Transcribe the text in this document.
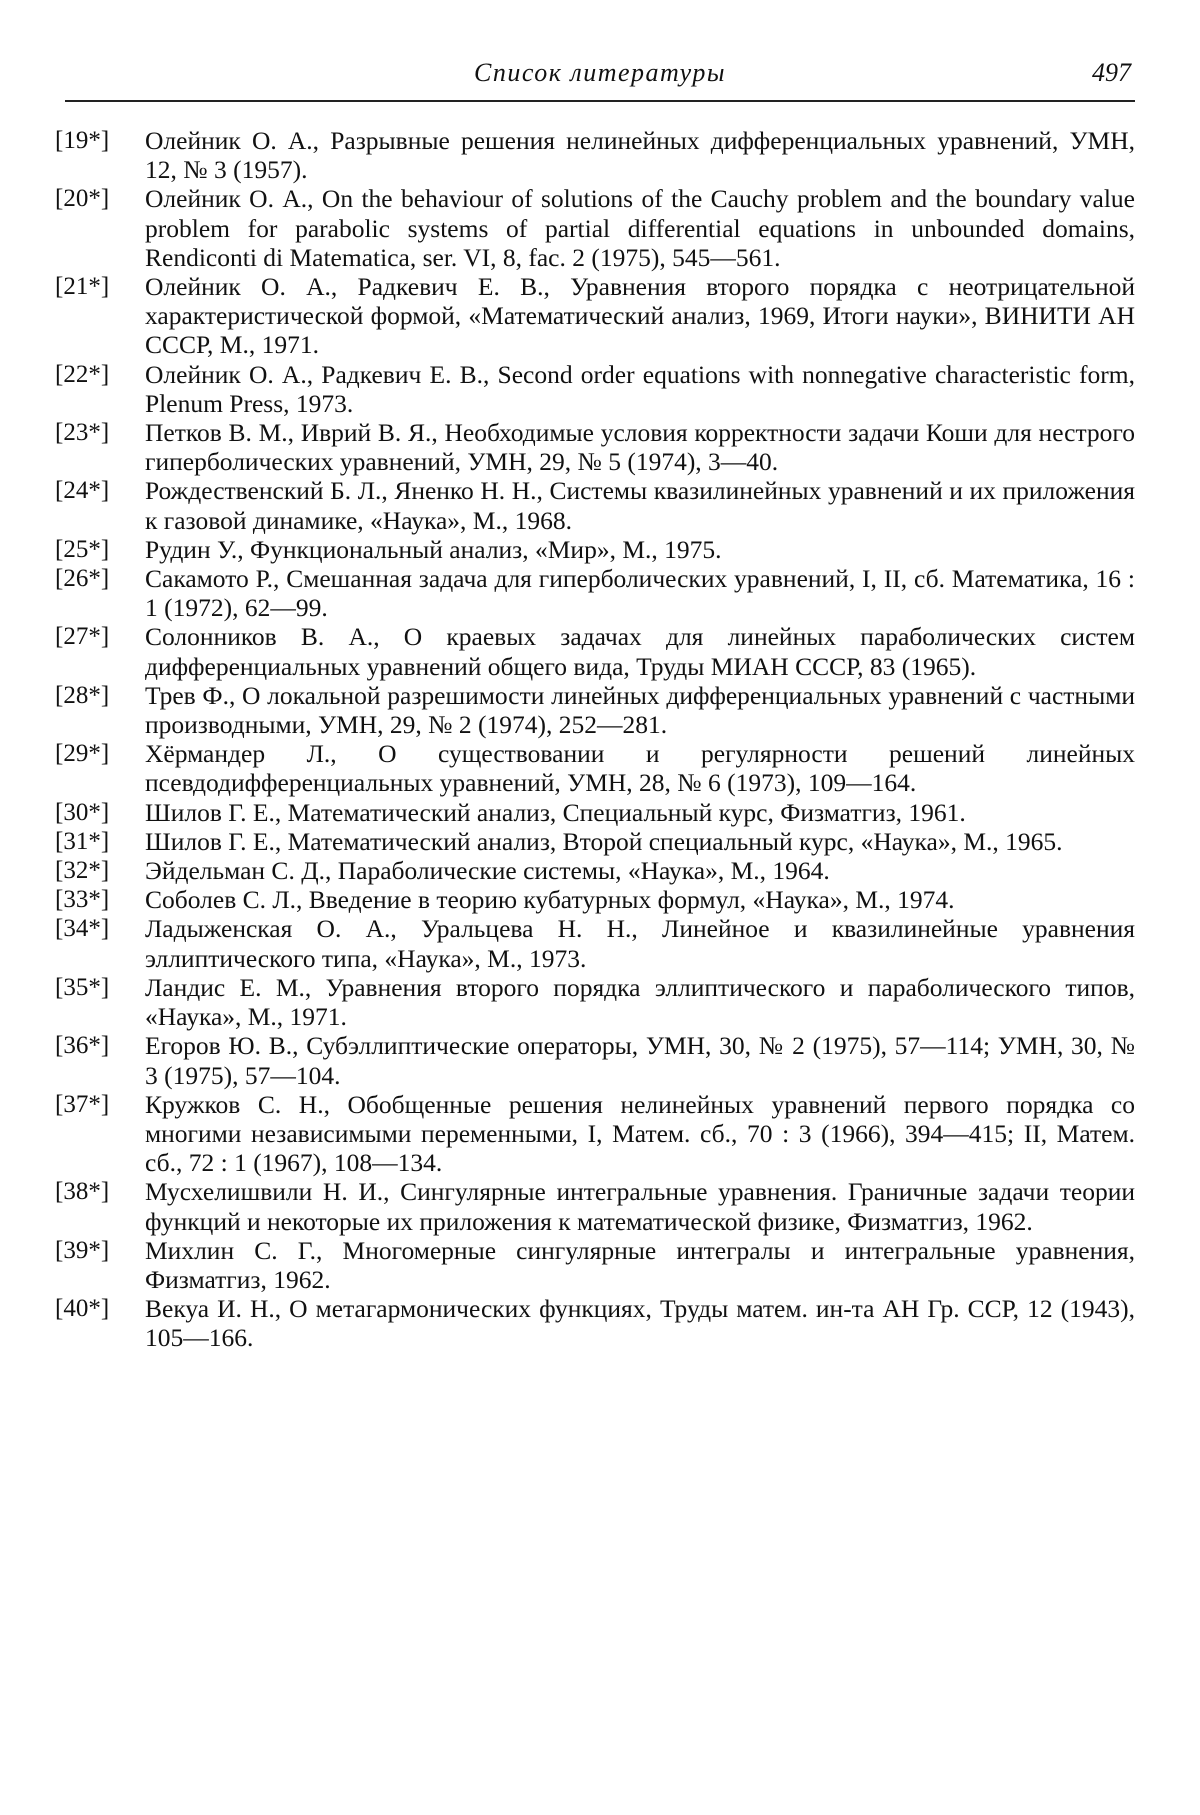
Список литературы	497
[19*]	Олейник О. А., Разрывные решения нелинейных дифференциальных уравнений, УМН, 12, № 3 (1957).
[20*]	Олейник О. А., On the behaviour of solutions of the Cauchy problem and the boundary value problem for parabolic systems of partial differential equations in unbounded domains, Rendiconti di Matematica, ser. VI, 8, fac. 2 (1975), 545—561.
[21*]	Олейник О. А., Радкевич Е. В., Уравнения второго порядка с неотрицательной характеристической формой, «Математический анализ, 1969, Итоги науки», ВИНИТИ АН СССР, М., 1971.
[22*]	Олейник О. А., Радкевич Е. В., Second order equations with nonnegative characteristic form, Plenum Press, 1973.
[23*]	Петков В. М., Иврий В. Я., Необходимые условия корректности задачи Коши для нестрого гиперболических уравнений, УМН, 29, № 5 (1974), 3—40.
[24*]	Рождественский Б. Л., Яненко Н. Н., Системы квазилинейных уравнений и их приложения к газовой динамике, «Наука», М., 1968.
[25*]	Рудин У., Функциональный анализ, «Мир», М., 1975.
[26*]	Сакамото Р., Смешанная задача для гиперболических уравнений, I, II, сб. Математика, 16 : 1 (1972), 62—99.
[27*]	Солонников В. А., О краевых задачах для линейных параболических систем дифференциальных уравнений общего вида, Труды МИАН СССР, 83 (1965).
[28*]	Трев Ф., О локальной разрешимости линейных дифференциальных уравнений с частными производными, УМН, 29, № 2 (1974), 252—281.
[29*]	Хёрмандер Л., О существовании и регулярности решений линейных псевдодифференциальных уравнений, УМН, 28, № 6 (1973), 109—164.
[30*]	Шилов Г. Е., Математический анализ, Специальный курс, Физматгиз, 1961.
[31*]	Шилов Г. Е., Математический анализ, Второй специальный курс, «Наука», М., 1965.
[32*]	Эйдельман С. Д., Параболические системы, «Наука», М., 1964.
[33*]	Соболев С. Л., Введение в теорию кубатурных формул, «Наука», М., 1974.
[34*]	Ладыженская О. А., Уральцева Н. Н., Линейное и квазилинейные уравнения эллиптического типа, «Наука», М., 1973.
[35*]	Ландис Е. М., Уравнения второго порядка эллиптического и параболического типов, «Наука», М., 1971.
[36*]	Егоров Ю. В., Субэллиптические операторы, УМН, 30, № 2 (1975), 57—114; УМН, 30, № 3 (1975), 57—104.
[37*]	Кружков С. Н., Обобщенные решения нелинейных уравнений первого порядка со многими независимыми переменными, I, Матем. сб., 70 : 3 (1966), 394—415; II, Матем. сб., 72 : 1 (1967), 108—134.
[38*]	Мусхелишвили Н. И., Сингулярные интегральные уравнения. Граничные задачи теории функций и некоторые их приложения к математической физике, Физматгиз, 1962.
[39*]	Михлин С. Г., Многомерные сингулярные интегралы и интегральные уравнения, Физматгиз, 1962.
[40*]	Векуа И. Н., О метагармонических функциях, Труды матем. ин-та АН Гр. ССР, 12 (1943), 105—166.
